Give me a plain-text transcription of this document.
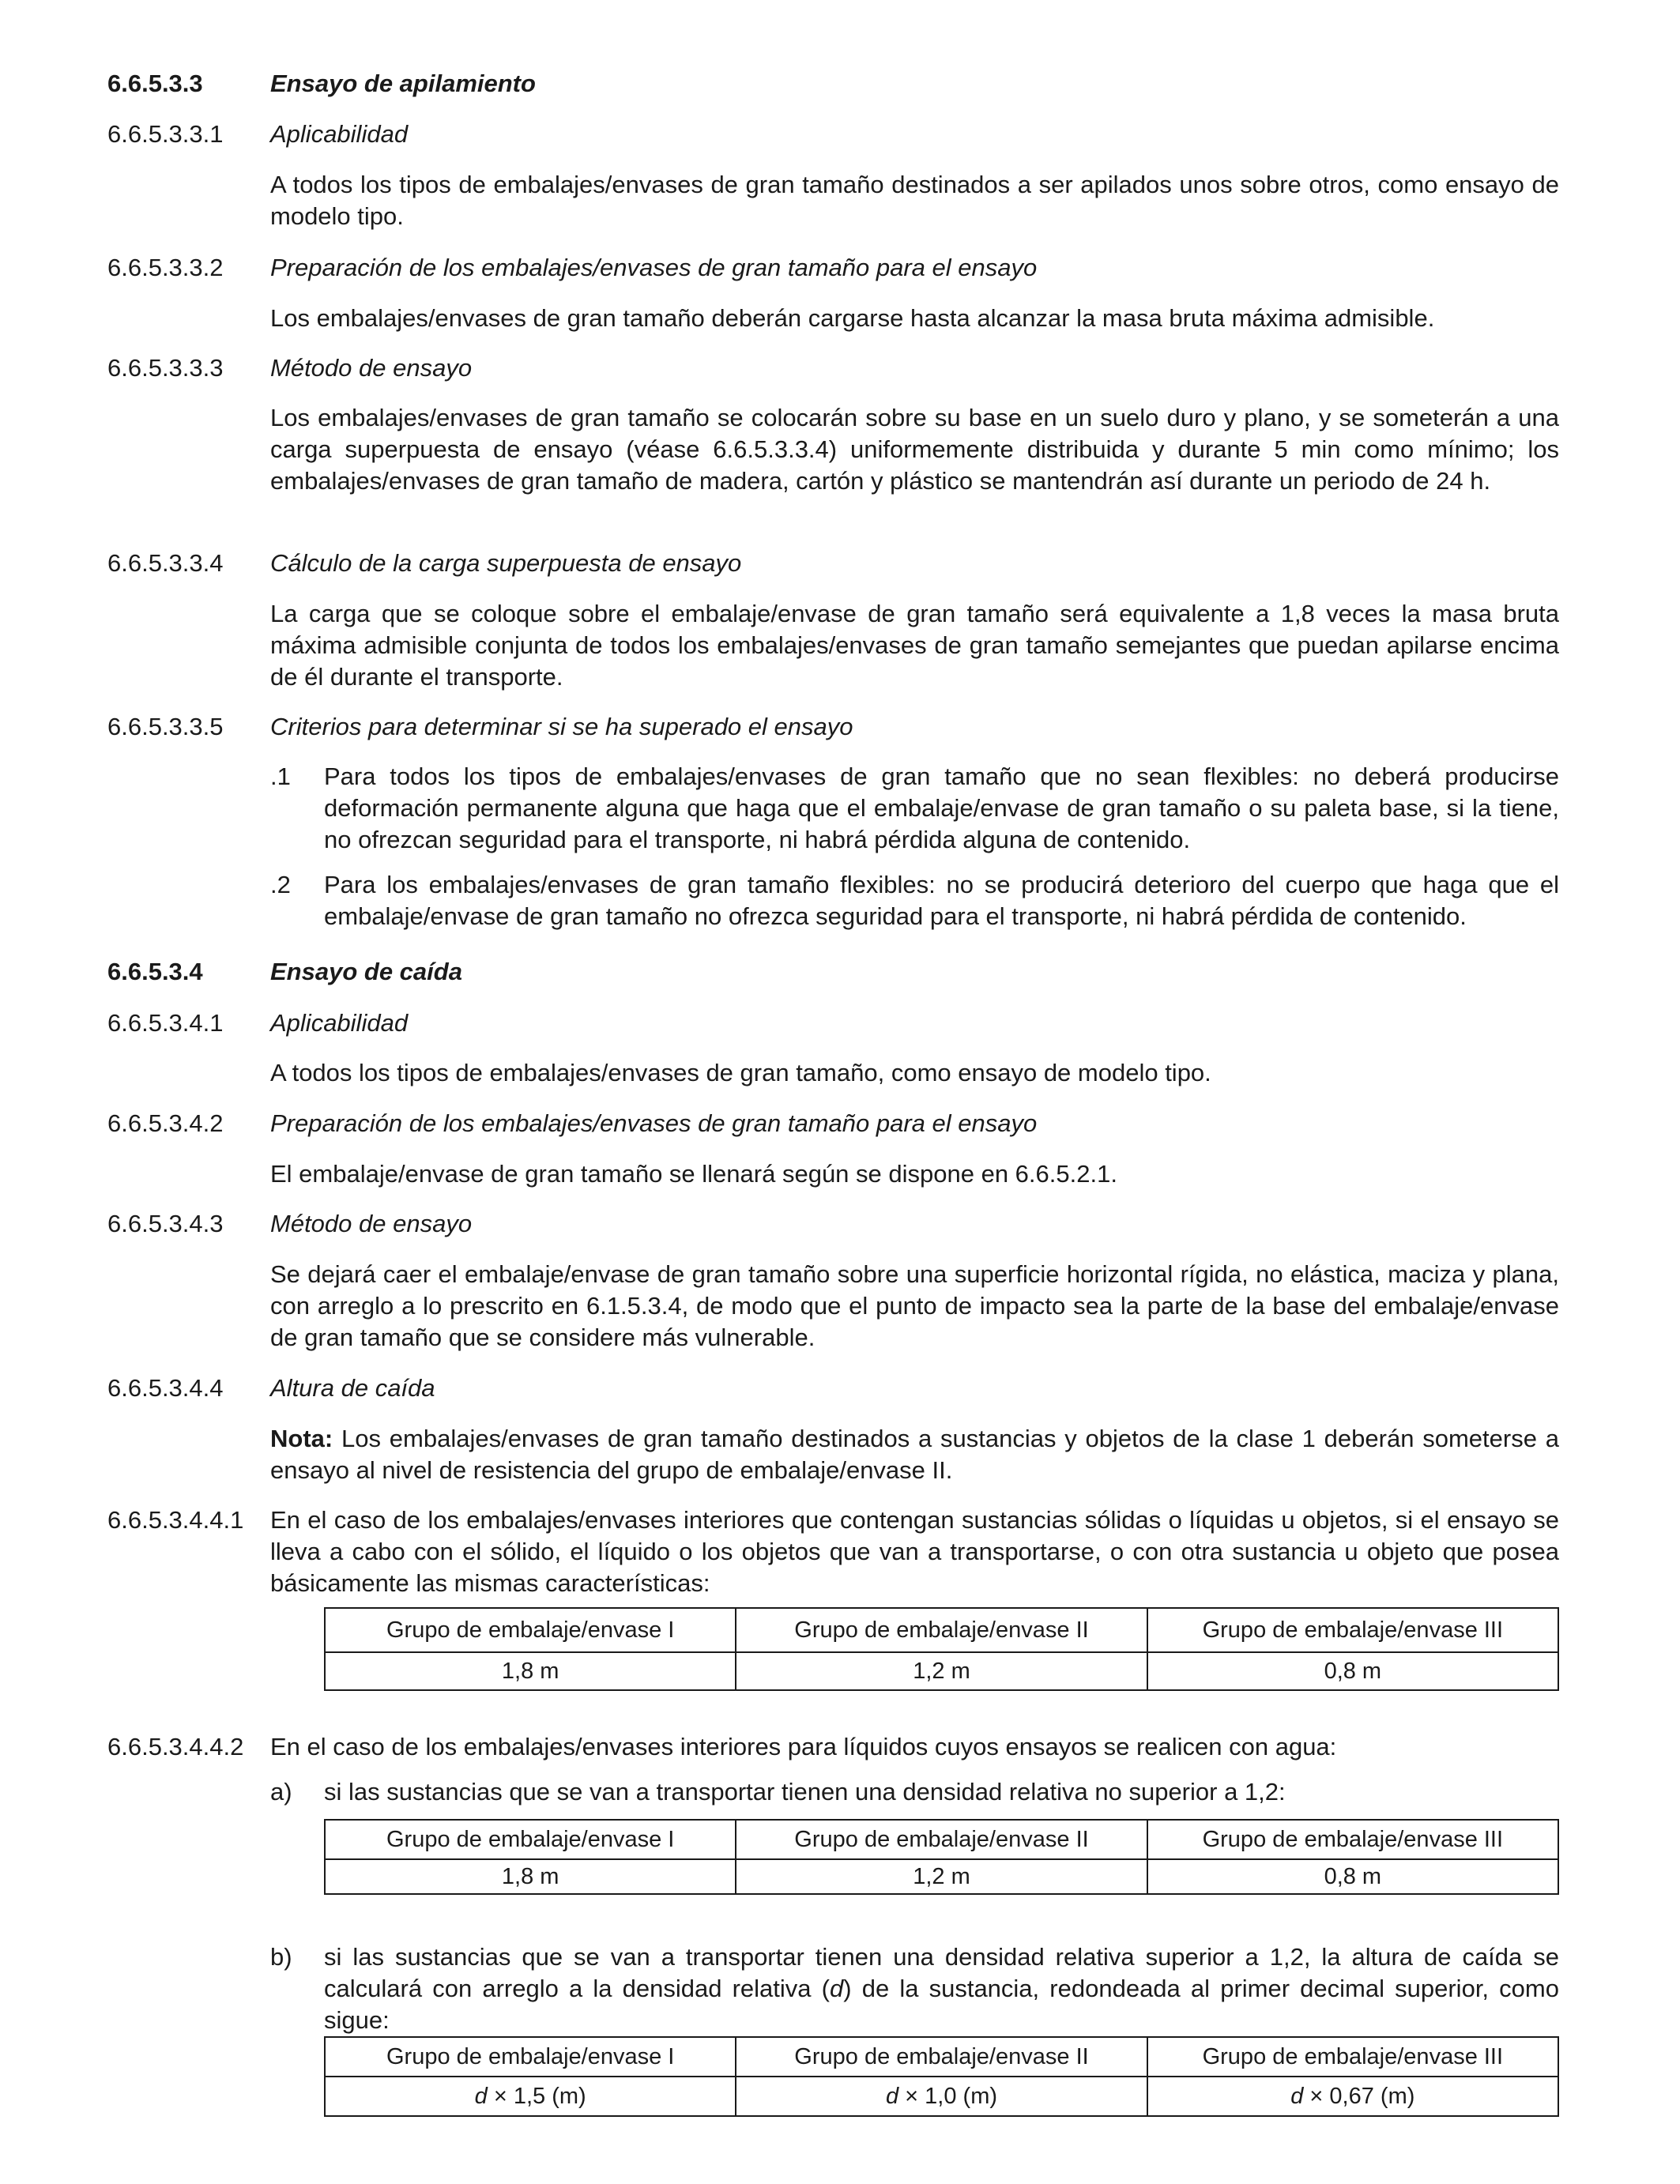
6.6.5.3.3	Ensayo de apilamiento
6.6.5.3.3.1 Aplicabilidad
A todos los tipos de embalajes/envases de gran tamaño destinados a ser apilados unos sobre otros, como ensayo de modelo tipo.
6.6.5.3.3.2 Preparación de los embalajes/envases de gran tamaño para el ensayo
Los embalajes/envases de gran tamaño deberán cargarse hasta alcanzar la masa bruta máxima admisible.
6.6.5.3.3.3 Método de ensayo
Los embalajes/envases de gran tamaño se colocarán sobre su base en un suelo duro y plano, y se someterán a una carga superpuesta de ensayo (véase 6.6.5.3.3.4) uniformemente distribuida y durante 5 min como mínimo; los embalajes/envases de gran tamaño de madera, cartón y plástico se mantendrán así durante un periodo de 24 h.
6.6.5.3.3.4 Cálculo de la carga superpuesta de ensayo
La carga que se coloque sobre el embalaje/envase de gran tamaño será equivalente a 1,8 veces la masa bruta máxima admisible conjunta de todos los embalajes/envases de gran tamaño semejantes que puedan apilarse encima de él durante el transporte.
6.6.5.3.3.5 Criterios para determinar si se ha superado el ensayo
.1 Para todos los tipos de embalajes/envases de gran tamaño que no sean flexibles: no deberá producirse deformación permanente alguna que haga que el embalaje/envase de gran tamaño o su paleta base, si la tiene, no ofrezcan seguridad para el transporte, ni habrá pérdida alguna de contenido.
.2 Para los embalajes/envases de gran tamaño flexibles: no se producirá deterioro del cuerpo que haga que el embalaje/envase de gran tamaño no ofrezca seguridad para el transporte, ni habrá pérdida de contenido.
6.6.5.3.4	Ensayo de caída
6.6.5.3.4.1 Aplicabilidad
A todos los tipos de embalajes/envases de gran tamaño, como ensayo de modelo tipo.
6.6.5.3.4.2 Preparación de los embalajes/envases de gran tamaño para el ensayo
El embalaje/envase de gran tamaño se llenará según se dispone en 6.6.5.2.1.
6.6.5.3.4.3 Método de ensayo
Se dejará caer el embalaje/envase de gran tamaño sobre una superficie horizontal rígida, no elástica, maciza y plana, con arreglo a lo prescrito en 6.1.5.3.4, de modo que el punto de impacto sea la parte de la base del embalaje/envase de gran tamaño que se considere más vulnerable.
6.6.5.3.4.4 Altura de caída
Nota: Los embalajes/envases de gran tamaño destinados a sustancias y objetos de la clase 1 deberán someterse a ensayo al nivel de resistencia del grupo de embalaje/envase II.
6.6.5.3.4.4.1 En el caso de los embalajes/envases interiores que contengan sustancias sólidas o líquidas u objetos, si el ensayo se lleva a cabo con el sólido, el líquido o los objetos que van a transportarse, o con otra sustancia u objeto que posea básicamente las mismas características:
Grupo de embalaje/envase I	Grupo de embalaje/envase II	Grupo de embalaje/envase III
1,8 m	1,2 m	0,8 m
6.6.5.3.4.4.2 En el caso de los embalajes/envases interiores para líquidos cuyos ensayos se realicen con agua:
a) si las sustancias que se van a transportar tienen una densidad relativa no superior a 1,2:
Grupo de embalaje/envase I	Grupo de embalaje/envase II	Grupo de embalaje/envase III
1,8 m	1,2 m	0,8 m
b) si las sustancias que se van a transportar tienen una densidad relativa superior a 1,2, la altura de caída se calculará con arreglo a la densidad relativa (d) de la sustancia, redondeada al primer decimal superior, como sigue:
Grupo de embalaje/envase I	Grupo de embalaje/envase II	Grupo de embalaje/envase III
d × 1,5 (m)	d × 1,0 (m)	d × 0,67 (m)
